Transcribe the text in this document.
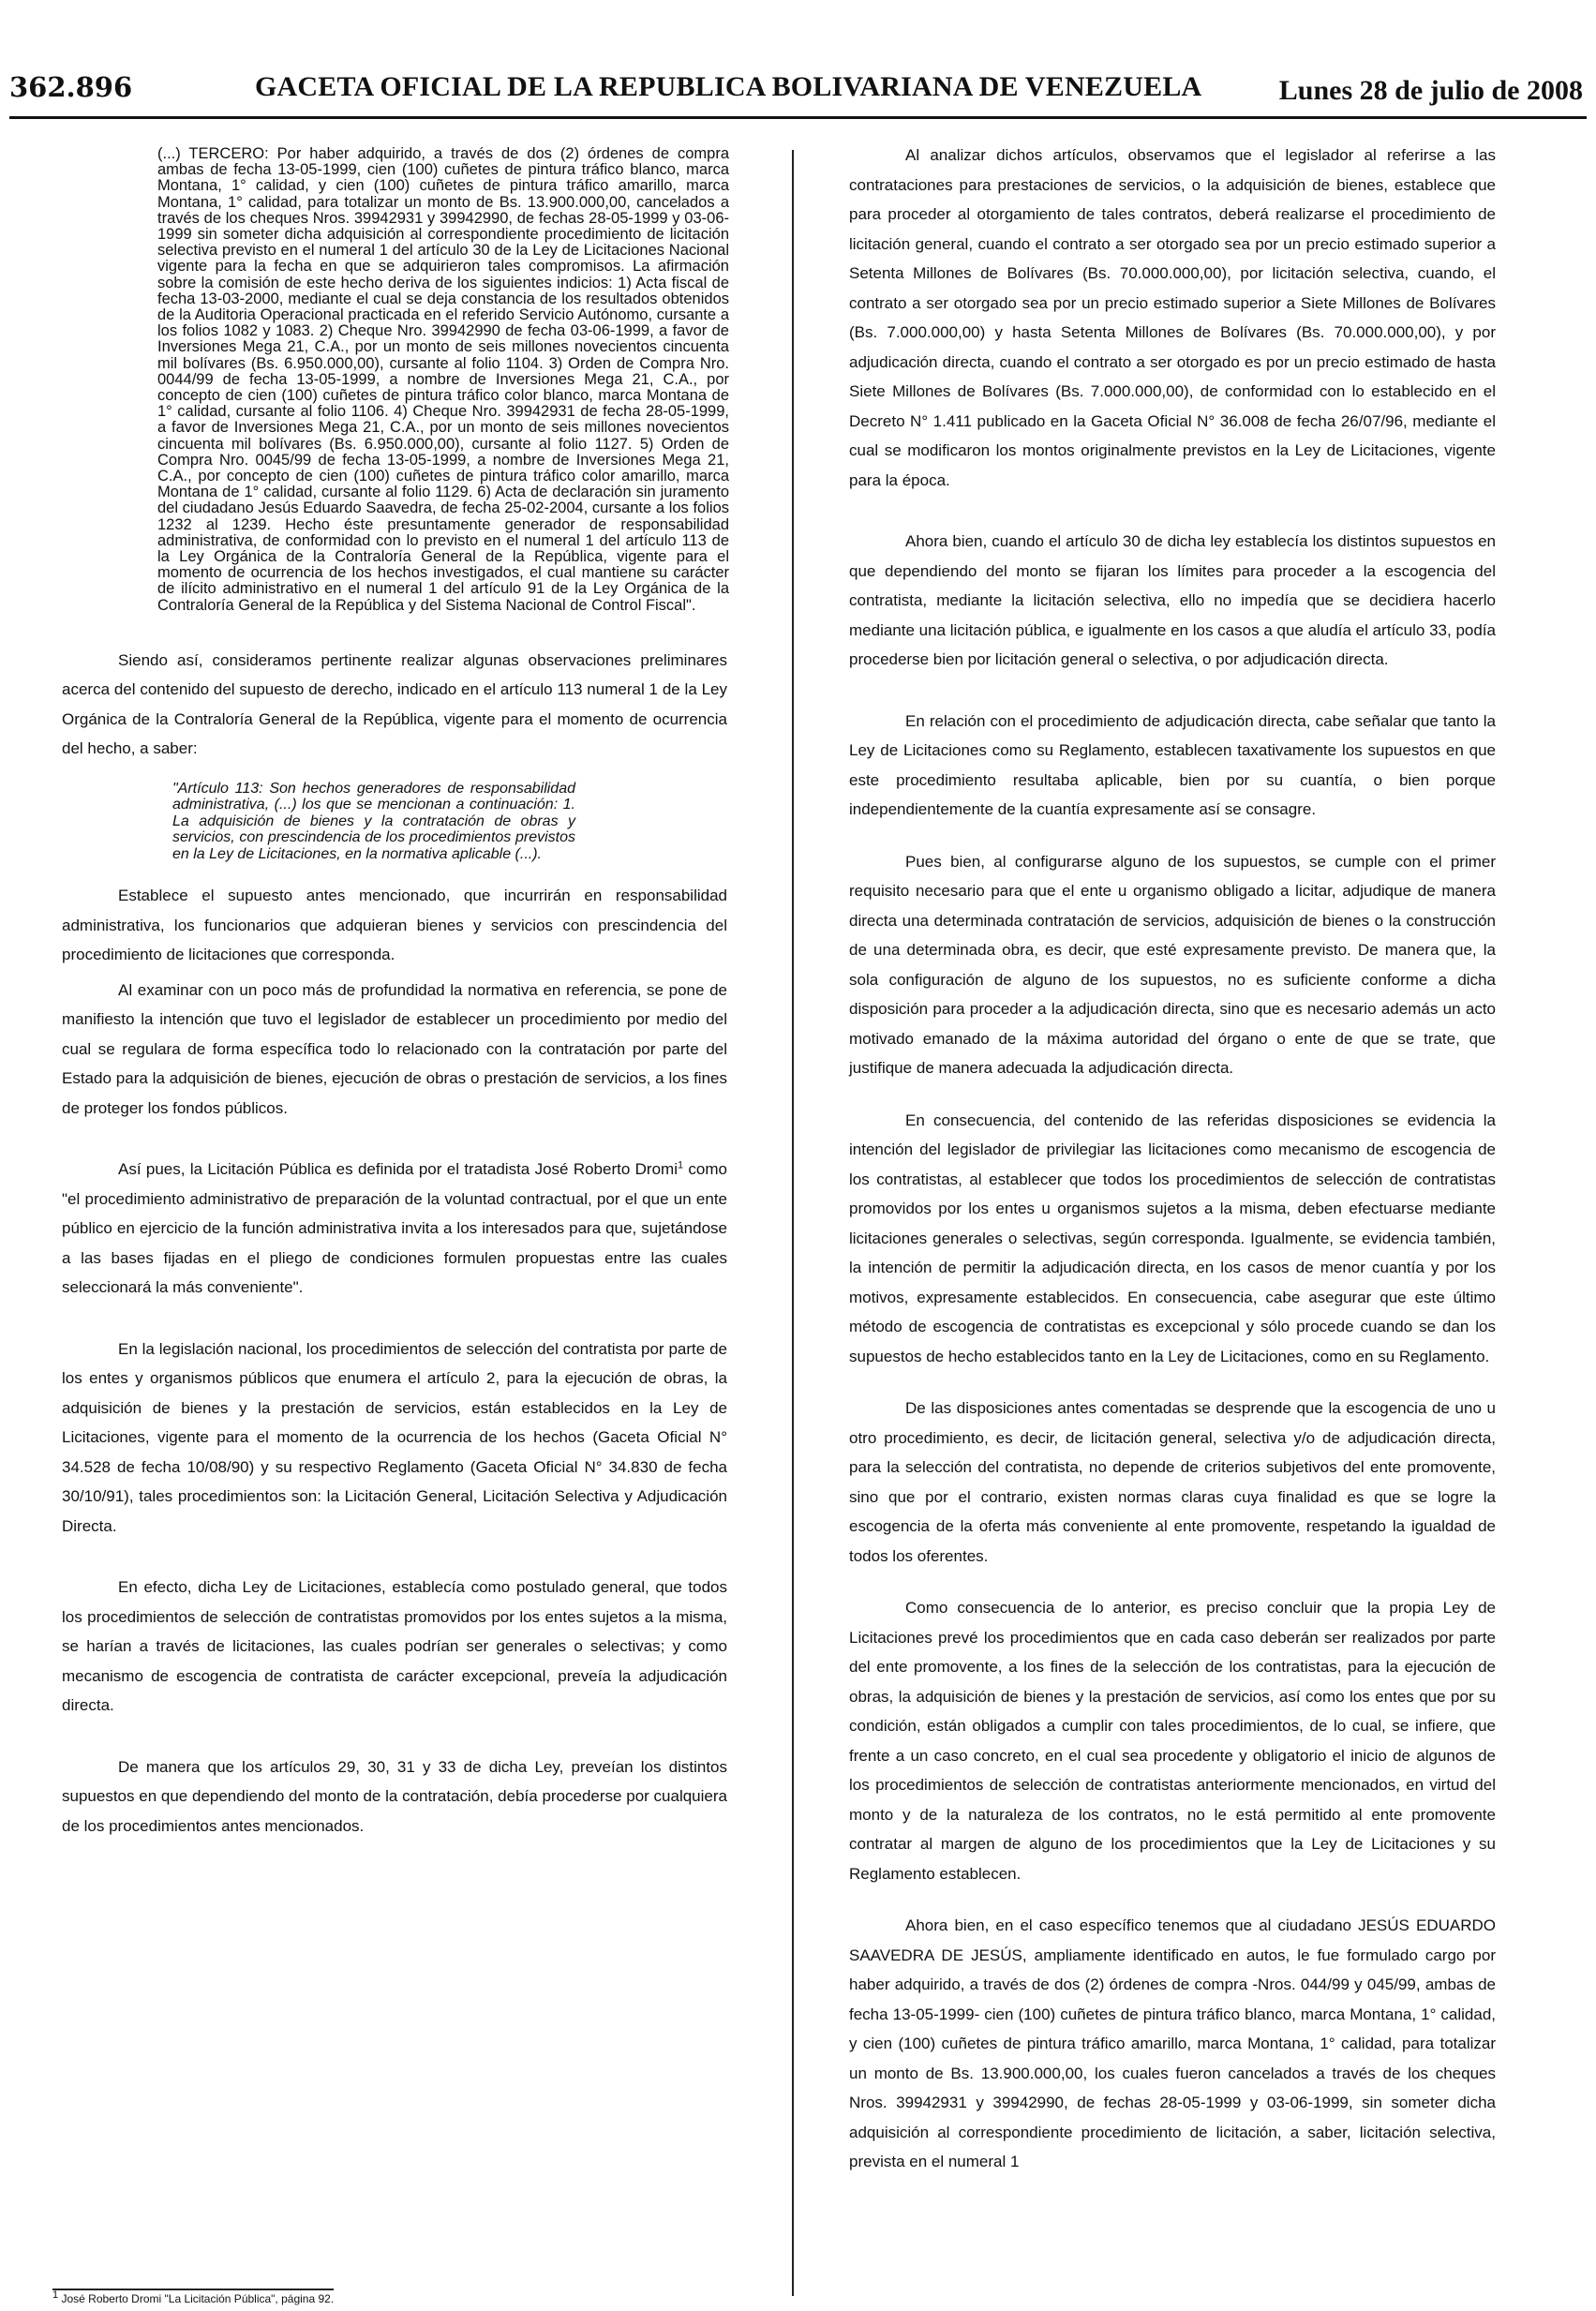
362.896	GACETA OFICIAL DE LA REPUBLICA BOLIVARIANA DE VENEZUELA	Lunes 28 de julio de 2008
(...) TERCERO: Por haber adquirido, a través de dos (2) órdenes de compra ambas de fecha 13-05-1999, cien (100) cuñetes de pintura tráfico blanco, marca Montana, 1° calidad, y cien (100) cuñetes de pintura tráfico amarillo, marca Montana, 1° calidad, para totalizar un monto de Bs. 13.900.000,00, cancelados a través de los cheques Nros. 39942931 y 39942990, de fechas 28-05-1999 y 03-06-1999 sin someter dicha adquisición al correspondiente procedimiento de licitación selectiva previsto en el numeral 1 del artículo 30 de la Ley de Licitaciones Nacional vigente para la fecha en que se adquirieron tales compromisos. La afirmación sobre la comisión de este hecho deriva de los siguientes indicios: 1) Acta fiscal de fecha 13-03-2000, mediante el cual se deja constancia de los resultados obtenidos de la Auditoria Operacional practicada en el referido Servicio Autónomo, cursante a los folios 1082 y 1083. 2) Cheque Nro. 39942990 de fecha 03-06-1999, a favor de Inversiones Mega 21, C.A., por un monto de seis millones novecientos cincuenta mil bolívares (Bs. 6.950.000,00), cursante al folio 1104. 3) Orden de Compra Nro. 0044/99 de fecha 13-05-1999, a nombre de Inversiones Mega 21, C.A., por concepto de cien (100) cuñetes de pintura tráfico color blanco, marca Montana de 1° calidad, cursante al folio 1106. 4) Cheque Nro. 39942931 de fecha 28-05-1999, a favor de Inversiones Mega 21, C.A., por un monto de seis millones novecientos cincuenta mil bolívares (Bs. 6.950.000,00), cursante al folio 1127. 5) Orden de Compra Nro. 0045/99 de fecha 13-05-1999, a nombre de Inversiones Mega 21, C.A., por concepto de cien (100) cuñetes de pintura tráfico color amarillo, marca Montana de 1° calidad, cursante al folio 1129. 6) Acta de declaración sin juramento del ciudadano Jesús Eduardo Saavedra, de fecha 25-02-2004, cursante a los folios 1232 al 1239. Hecho éste presuntamente generador de responsabilidad administrativa, de conformidad con lo previsto en el numeral 1 del artículo 113 de la Ley Orgánica de la Contraloría General de la República, vigente para el momento de ocurrencia de los hechos investigados, el cual mantiene su carácter de ilícito administrativo en el numeral 1 del artículo 91 de la Ley Orgánica de la Contraloría General de la República y del Sistema Nacional de Control Fiscal".

Siendo así, consideramos pertinente realizar algunas observaciones preliminares acerca del contenido del supuesto de derecho, indicado en el artículo 113 numeral 1 de la Ley Orgánica de la Contraloría General de la República, vigente para el momento de ocurrencia del hecho, a saber:

"Artículo 113: Son hechos generadores de responsabilidad administrativa, (...) los que se mencionan a continuación: 1. La adquisición de bienes y la contratación de obras y servicios, con prescindencia de los procedimientos previstos en la Ley de Licitaciones, en la normativa aplicable (...).

Establece el supuesto antes mencionado, que incurrirán en responsabilidad administrativa, los funcionarios que adquieran bienes y servicios con prescindencia del procedimiento de licitaciones que corresponda.

Al examinar con un poco más de profundidad la normativa en referencia, se pone de manifiesto la intención que tuvo el legislador de establecer un procedimiento por medio del cual se regulara de forma específica todo lo relacionado con la contratación por parte del Estado para la adquisición de bienes, ejecución de obras o prestación de servicios, a los fines de proteger los fondos públicos.

Así pues, la Licitación Pública es definida por el tratadista José Roberto Dromi$^1$ como "el procedimiento administrativo de preparación de la voluntad contractual, por el que un ente público en ejercicio de la función administrativa invita a los interesados para que, sujetándose a las bases fijadas en el pliego de condiciones formulen propuestas entre las cuales seleccionará la más conveniente".

En la legislación nacional, los procedimientos de selección del contratista por parte de los entes y organismos públicos que enumera el artículo 2, para la ejecución de obras, la adquisición de bienes y la prestación de servicios, están establecidos en la Ley de Licitaciones, vigente para el momento de la ocurrencia de los hechos (Gaceta Oficial N° 34.528 de fecha 10/08/90) y su respectivo Reglamento (Gaceta Oficial N° 34.830 de fecha 30/10/91), tales procedimientos son: la Licitación General, Licitación Selectiva y Adjudicación Directa.

En efecto, dicha Ley de Licitaciones, establecía como postulado general, que todos los procedimientos de selección de contratistas promovidos por los entes sujetos a la misma, se harían a través de licitaciones, las cuales podrían ser generales o selectivas; y como mecanismo de escogencia de contratista de carácter excepcional, preveía la adjudicación directa.

De manera que los artículos 29, 30, 31 y 33 de dicha Ley, preveían los distintos supuestos en que dependiendo del monto de la contratación, debía procederse por cualquiera de los procedimientos antes mencionados.

Al analizar dichos artículos, observamos que el legislador al referirse a las contrataciones para prestaciones de servicios, o la adquisición de bienes, establece que para proceder al otorgamiento de tales contratos, deberá realizarse el procedimiento de licitación general, cuando el contrato a ser otorgado sea por un precio estimado superior a Setenta Millones de Bolívares (Bs. 70.000.000,00), por licitación selectiva, cuando, el contrato a ser otorgado sea por un precio estimado superior a Siete Millones de Bolívares (Bs. 7.000.000,00) y hasta Setenta Millones de Bolívares (Bs. 70.000.000,00), y por adjudicación directa, cuando el contrato a ser otorgado es por un precio estimado de hasta Siete Millones de Bolívares (Bs. 7.000.000,00), de conformidad con lo establecido en el Decreto N° 1.411 publicado en la Gaceta Oficial N° 36.008 de fecha 26/07/96, mediante el cual se modificaron los montos originalmente previstos en la Ley de Licitaciones, vigente para la época.

Ahora bien, cuando el artículo 30 de dicha ley establecía los distintos supuestos en que dependiendo del monto se fijaran los límites para proceder a la escogencia del contratista, mediante la licitación selectiva, ello no impedía que se decidiera hacerlo mediante una licitación pública, e igualmente en los casos a que aludía el artículo 33, podía procederse bien por licitación general o selectiva, o por adjudicación directa.

En relación con el procedimiento de adjudicación directa, cabe señalar que tanto la Ley de Licitaciones como su Reglamento, establecen taxativamente los supuestos en que este procedimiento resultaba aplicable, bien por su cuantía, o bien porque independientemente de la cuantía expresamente así se consagre.

Pues bien, al configurarse alguno de los supuestos, se cumple con el primer requisito necesario para que el ente u organismo obligado a licitar, adjudique de manera directa una determinada contratación de servicios, adquisición de bienes o la construcción de una determinada obra, es decir, que esté expresamente previsto. De manera que, la sola configuración de alguno de los supuestos, no es suficiente conforme a dicha disposición para proceder a la adjudicación directa, sino que es necesario además un acto motivado emanado de la máxima autoridad del órgano o ente de que se trate, que justifique de manera adecuada la adjudicación directa.

En consecuencia, del contenido de las referidas disposiciones se evidencia la intención del legislador de privilegiar las licitaciones como mecanismo de escogencia de los contratistas, al establecer que todos los procedimientos de selección de contratistas promovidos por los entes u organismos sujetos a la misma, deben efectuarse mediante licitaciones generales o selectivas, según corresponda. Igualmente, se evidencia también, la intención de permitir la adjudicación directa, en los casos de menor cuantía y por los motivos, expresamente establecidos. En consecuencia, cabe asegurar que este último método de escogencia de contratistas es excepcional y sólo procede cuando se dan los supuestos de hecho establecidos tanto en la Ley de Licitaciones, como en su Reglamento.

De las disposiciones antes comentadas se desprende que la escogencia de uno u otro procedimiento, es decir, de licitación general, selectiva y/o de adjudicación directa, para la selección del contratista, no depende de criterios subjetivos del ente promovente, sino que por el contrario, existen normas claras cuya finalidad es que se logre la escogencia de la oferta más conveniente al ente promovente, respetando la igualdad de todos los oferentes.

Como consecuencia de lo anterior, es preciso concluir que la propia Ley de Licitaciones prevé los procedimientos que en cada caso deberán ser realizados por parte del ente promovente, a los fines de la selección de los contratistas, para la ejecución de obras, la adquisición de bienes y la prestación de servicios, así como los entes que por su condición, están obligados a cumplir con tales procedimientos, de lo cual, se infiere, que frente a un caso concreto, en el cual sea procedente y obligatorio el inicio de algunos de los procedimientos de selección de contratistas anteriormente mencionados, en virtud del monto y de la naturaleza de los contratos, no le está permitido al ente promovente contratar al margen de alguno de los procedimientos que la Ley de Licitaciones y su Reglamento establecen.

Ahora bien, en el caso específico tenemos que al ciudadano JESÚS EDUARDO SAAVEDRA DE JESÚS, ampliamente identificado en autos, le fue formulado cargo por haber adquirido, a través de dos (2) órdenes de compra -Nros. 044/99 y 045/99, ambas de fecha 13-05-1999- cien (100) cuñetes de pintura tráfico blanco, marca Montana, 1° calidad, y cien (100) cuñetes de pintura tráfico amarillo, marca Montana, 1° calidad, para totalizar un monto de Bs. 13.900.000,00, los cuales fueron cancelados a través de los cheques Nros. 39942931 y 39942990, de fechas 28-05-1999 y 03-06-1999, sin someter dicha adquisición al correspondiente procedimiento de licitación, a saber, licitación selectiva, prevista en el numeral 1

1 José Roberto Dromi "La Licitación Pública", página 92.
